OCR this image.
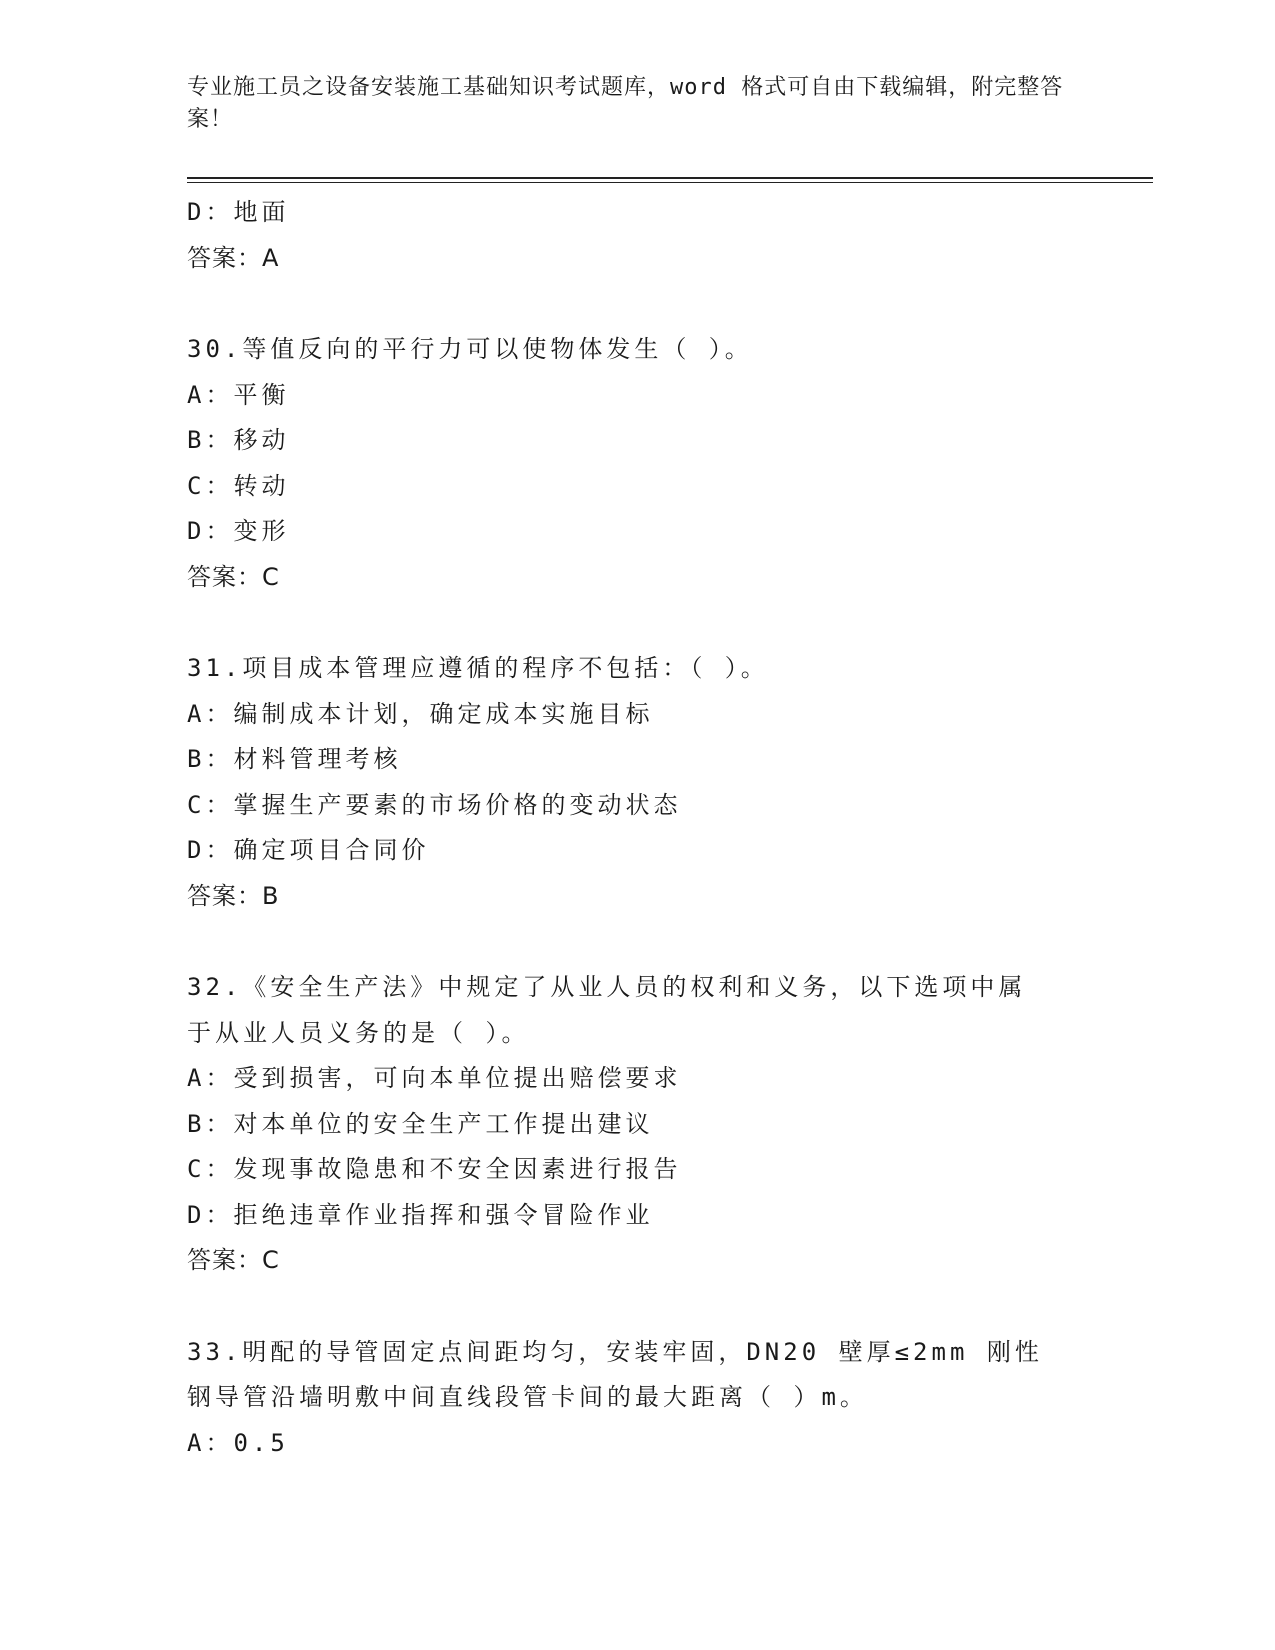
专业施工员之设备安装施工基础知识考试题库，word 格式可自由下载编辑，附完整答案！
D：地面
答案：A
30.等值反向的平行力可以使物体发生（ ）。
A：平衡
B：移动
C：转动
D：变形
答案：C
31.项目成本管理应遵循的程序不包括：（ ）。
A：编制成本计划，确定成本实施目标
B：材料管理考核
C：掌握生产要素的市场价格的变动状态
D：确定项目合同价
答案：B
32.《安全生产法》中规定了从业人员的权利和义务，以下选项中属于从业人员义务的是（ ）。
A：受到损害，可向本单位提出赔偿要求
B：对本单位的安全生产工作提出建议
C：发现事故隐患和不安全因素进行报告
D：拒绝违章作业指挥和强令冒险作业
答案：C
33.明配的导管固定点间距均匀，安装牢固，DN20 壁厚≤2mm 刚性钢导管沿墙明敷中间直线段管卡间的最大距离（ ）m。
A：0.5
